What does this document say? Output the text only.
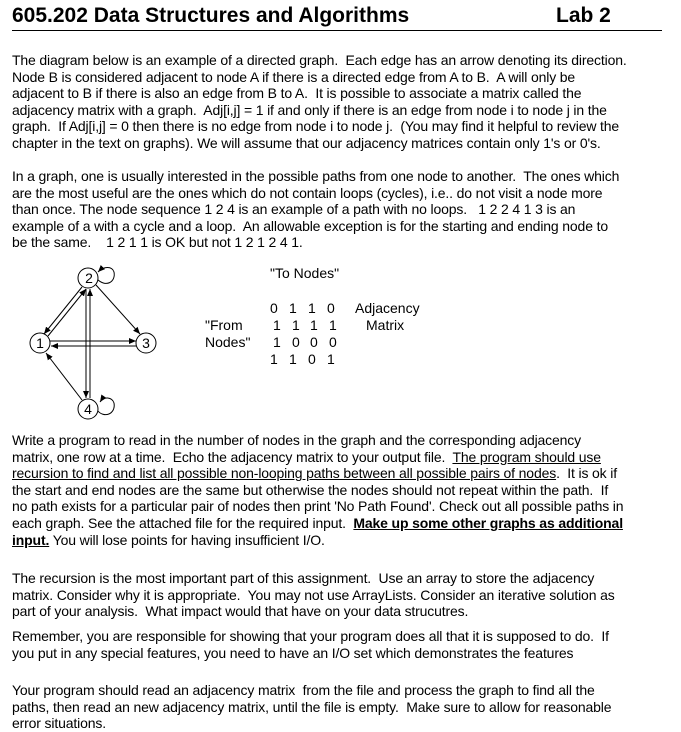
605.202 Data Structures and Algorithms	Lab 2
The diagram below is an example of a directed graph.  Each edge has an arrow denoting its direction.
Node B is considered adjacent to node A if there is a directed edge from A to B.  A will only be
adjacent to B if there is also an edge from B to A.  It is possible to associate a matrix called the
adjacency matrix with a graph.  Adj[i,j] = 1 if and only if there is an edge from node i to node j in the
graph.  If Adj[i,j] = 0 then there is no edge from node i to node j.  (You may find it helpful to review the
chapter in the text on graphs). We will assume that our adjacency matrices contain only 1's or 0's.
In a graph, one is usually interested in the possible paths from one node to another.  The ones which
are the most useful are the ones which do not contain loops (cycles), i.e.. do not visit a node more
than once. The node sequence 1 2 4 is an example of a path with no loops.   1 2 2 4 1 3 is an
example of a with a cycle and a loop.  An allowable exception is for the starting and ending node to
be the same.    1 2 1 1 is OK but not 1 2 1 2 4 1.
Write a program to read in the number of nodes in the graph and the corresponding adjacency
matrix, one row at a time.  Echo the adjacency matrix to your output file.  The program should use
recursion to find and list all possible non-looping paths between all possible pairs of nodes.  It is ok if
the start and end nodes are the same but otherwise the nodes should not repeat within the path.  If
no path exists for a particular pair of nodes then print 'No Path Found'. Check out all possible paths in
each graph. See the attached file for the required input.  Make up some other graphs as additional
input. You will lose points for having insufficient I/O.
The recursion is the most important part of this assignment.  Use an array to store the adjacency
matrix. Consider why it is appropriate.  You may not use ArrayLists. Consider an iterative solution as
part of your analysis.  What impact would that have on your data strucutres.
Remember, you are responsible for showing that your program does all that it is supposed to do.  If
you put in any special features, you need to have an I/O set which demonstrates the features
Your program should read an adjacency matrix  from the file and process the graph to find all the
paths, then read an new adjacency matrix, until the file is empty.  Make sure to allow for reasonable
error situations.
2
1	3
4
"To Nodes"
"From
Nodes"
Adjacency
Matrix
0 1 1 0
1 1 1 1
1 0 0 0
1 1 0 1
